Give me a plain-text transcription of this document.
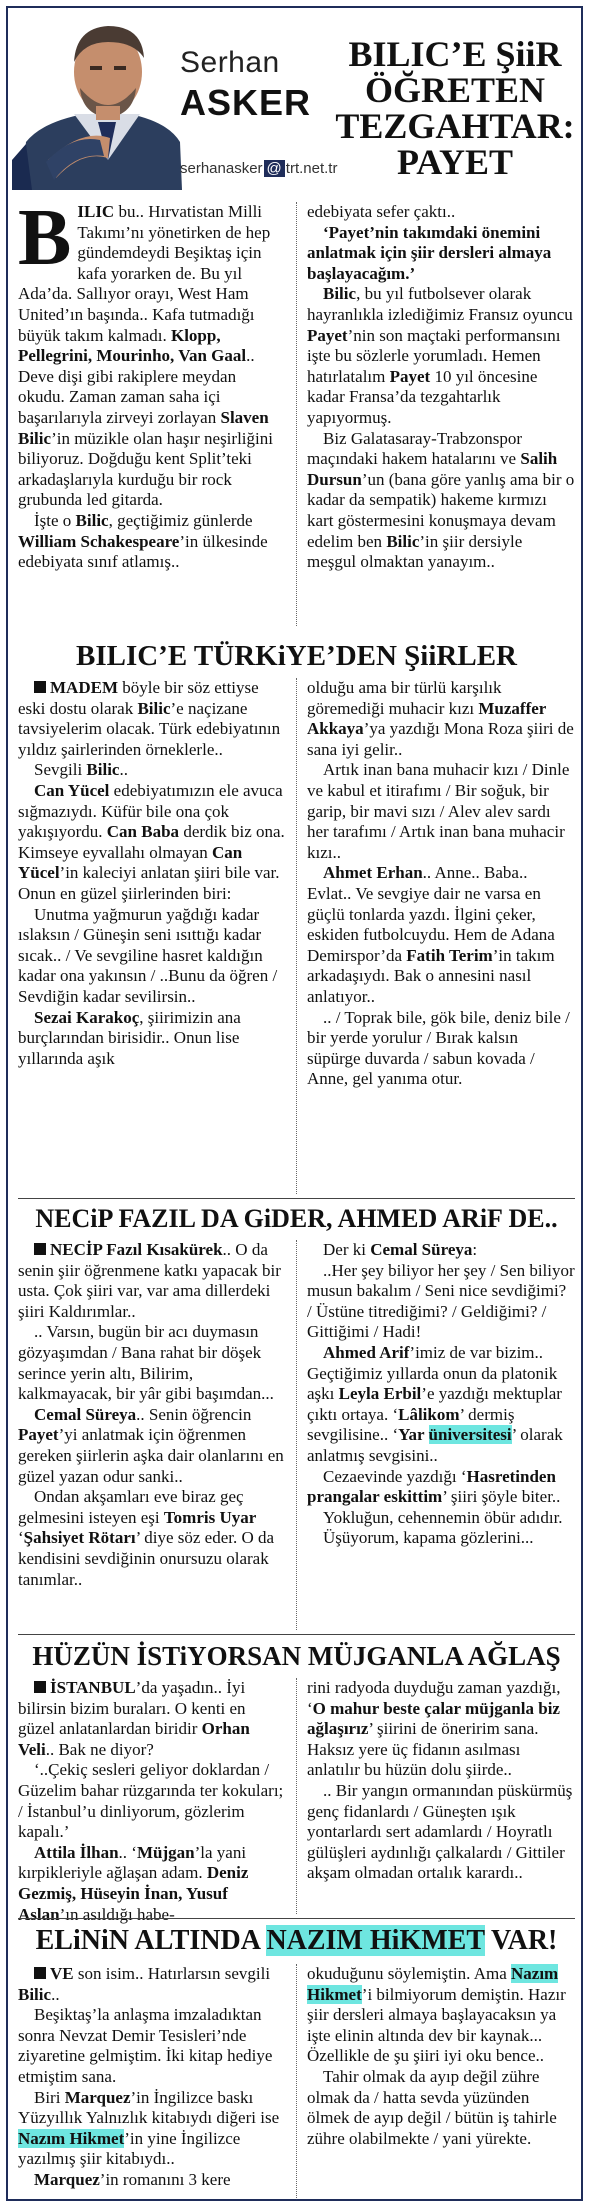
Serhan
ASKER
serhanasker @ trt.net.tr
BILIC’E ŞiiR
ÖĞRETEN
TEZGAHTAR:
PAYET

BILIC bu.. Hırvatistan Milli Takımı’nı yönetirken de hep gündemdeydi Beşiktaş için kafa yorarken de. Bu yıl Ada’da. Sallıyor orayı, West Ham United’ın başında.. Kafa tutmadığı büyük takım kalmadı. Klopp, Pellegrini, Mourinho, Van Gaal.. Deve dişi gibi rakiplere meydan okudu. Zaman zaman saha içi başarılarıyla zirveyi zorlayan Slaven Bilic’in müzikle olan haşır neşirliğini biliyoruz. Doğduğu kent Split’teki arkadaşlarıyla kurduğu bir rock grubunda led gitarda.

İşte o Bilic, geçtiğimiz günlerde William Schakespeare’in ülkesinde edebiyata sınıf atlamış..

edebiyata sefer çaktı..

‘Payet’nin takımdaki önemini anlatmak için şiir dersleri almaya başlayacağım.’

Bilic, bu yıl futbolsever olarak hayranlıkla izlediğimiz Fransız oyuncu Payet’nin son maçtaki performansını işte bu sözlerle yorumladı. Hemen hatırlatalım Payet 10 yıl öncesine kadar Fransa’da tezgahtarlık yapıyormuş.

Biz Galatasaray-Trabzonspor maçındaki hakem hatalarını ve Salih Dursun’un (bana göre yanlış ama bir o kadar da sempatik) hakeme kırmızı kart göstermesini konuşmaya devam edelim ben Bilic’in şiir dersiyle meşgul olmaktan yanayım..

BILIC’E TÜRKiYE’DEN ŞiiRLER

MADEM böyle bir söz ettiyse eski dostu olarak Bilic’e naçizane tavsiyelerim olacak. Türk edebiyatının yıldız şairlerinden örneklerle..

Sevgili Bilic..

Can Yücel edebiyatımızın ele avuca sığmazıydı. Küfür bile ona çok yakışıyordu. Can Baba derdik biz ona. Kimseye eyvallahı olmayan Can Yücel’in kaleciyi anlatan şiiri bile var. Onun en güzel şiirlerinden biri:

Unutma yağmurun yağdığı kadar ıslaksın / Güneşin seni ısıttığı kadar sıcak.. / Ve sevgiline hasret kaldığın kadar ona yakınsın / ..Bunu da öğren / Sevdiğin kadar sevilirsin..

Sezai Karakoç, şiirimizin ana burçlarından birisidir.. Onun lise yıllarında aşık

olduğu ama bir türlü karşılık göremediği muhacir kızı Muzaffer Akkaya’ya yazdığı Mona Roza şiiri de sana iyi gelir..

Artık inan bana muhacir kızı / Dinle ve kabul et itirafımı / Bir soğuk, bir garip, bir mavi sızı / Alev alev sardı her tarafımı / Artık inan bana muhacir kızı..

Ahmet Erhan.. Anne.. Baba.. Evlat.. Ve sevgiye dair ne varsa en güçlü tonlarda yazdı. İlgini çeker, eskiden futbolcuydu. Hem de Adana Demirspor’da Fatih Terim’in takım arkadaşıydı. Bak o annesini nasıl anlatıyor..

.. / Toprak bile, gök bile, deniz bile / bir yerde yorulur / Bırak kalsın süpürge duvarda / sabun kovada / Anne, gel yanıma otur.

NECiP FAZIL DA GiDER, AHMED ARiF DE..

NECİP Fazıl Kısakürek.. O da senin şiir öğrenmene katkı yapacak bir usta. Çok şiiri var, var ama dillerdeki şiiri Kaldırımlar..

.. Varsın, bugün bir acı duymasın gözyaşımdan / Bana rahat bir döşek serince yerin altı, Bilirim, kalkmayacak, bir yâr gibi başımdan...

Cemal Süreya.. Senin öğrencin Payet’yi anlatmak için öğrenmen gereken şiirlerin aşka dair olanlarını en güzel yazan odur sanki..

Ondan akşamları eve biraz geç gelmesini isteyen eşi Tomris Uyar ‘Şahsiyet Rötarı’ diye söz eder. O da kendisini sevdiğinin onursuzu olarak tanımlar..

Der ki Cemal Süreya:

..Her şey biliyor her şey / Sen biliyor musun bakalım / Seni nice sevdiğimi? / Üstüne titrediğimi? / Geldiğimi? / Gittiğimi / Hadi!

Ahmed Arif’imiz de var bizim.. Geçtiğimiz yıllarda onun da platonik aşkı Leyla Erbil’e yazdığı mektuplar çıktı ortaya. ‘Lâlikom’ dermiş sevgilisine.. ‘Yar üniversitesi’ olarak anlatmış sevgisini..

Cezaevinde yazdığı ‘Hasretinden prangalar eskittim’ şiiri şöyle biter..

Yokluğun, cehennemin öbür adıdır.

Üşüyorum, kapama gözlerini...

HÜZÜN İSTiYORSAN MÜJGANLA AĞLAŞ

İSTANBUL’da yaşadın.. İyi bilirsin bizim buraları. O kenti en güzel anlatanlardan biridir Orhan Veli.. Bak ne diyor?

‘..Çekiç sesleri geliyor doklardan / Güzelim bahar rüzgarında ter kokuları; / İstanbul’u dinliyorum, gözlerim kapalı.’

Attila İlhan.. ‘Müjgan’la yani kırpikleriyle ağlaşan adam. Deniz Gezmiş, Hüseyin İnan, Yusuf Aslan’ın asıldığı habe-

rini radyoda duyduğu zaman yazdığı, ‘O mahur beste çalar müjganla biz ağlaşırız’ şiirini de öneririm sana. Haksız yere üç fidanın asılması anlatılır bu hüzün dolu şiirde..

.. Bir yangın ormanından püskürmüş genç fidanlardı / Güneşten ışık yontarlardı sert adamlardı / Hoyratlı gülüşleri aydınlığı çalkalardı / Gittiler akşam olmadan ortalık karardı..

ELiNiN ALTINDA NAZIM HiKMET VAR!

VE son isim.. Hatırlarsın sevgili Bilic..

Beşiktaş’la anlaşma imzaladıktan sonra Nevzat Demir Tesisleri’nde ziyaretine gelmiştim. İki kitap hediye etmiştim sana.

Biri Marquez’in İngilizce baskı Yüzyıllık Yalnızlık kitabıydı diğeri ise Nazım Hikmet’in yine İngilizce yazılmış şiir kitabıydı..

Marquez’in romanını 3 kere

okuduğunu söylemiştin. Ama Nazım Hikmet’i bilmiyorum demiştin. Hazır şiir dersleri almaya başlayacaksın ya işte elinin altında dev bir kaynak... Özellikle de şu şiiri iyi oku bence..

Tahir olmak da ayıp değil zühre olmak da / hatta sevda yüzünden ölmek de ayıp değil / bütün iş tahirle zühre olabilmekte / yani yürekte.
